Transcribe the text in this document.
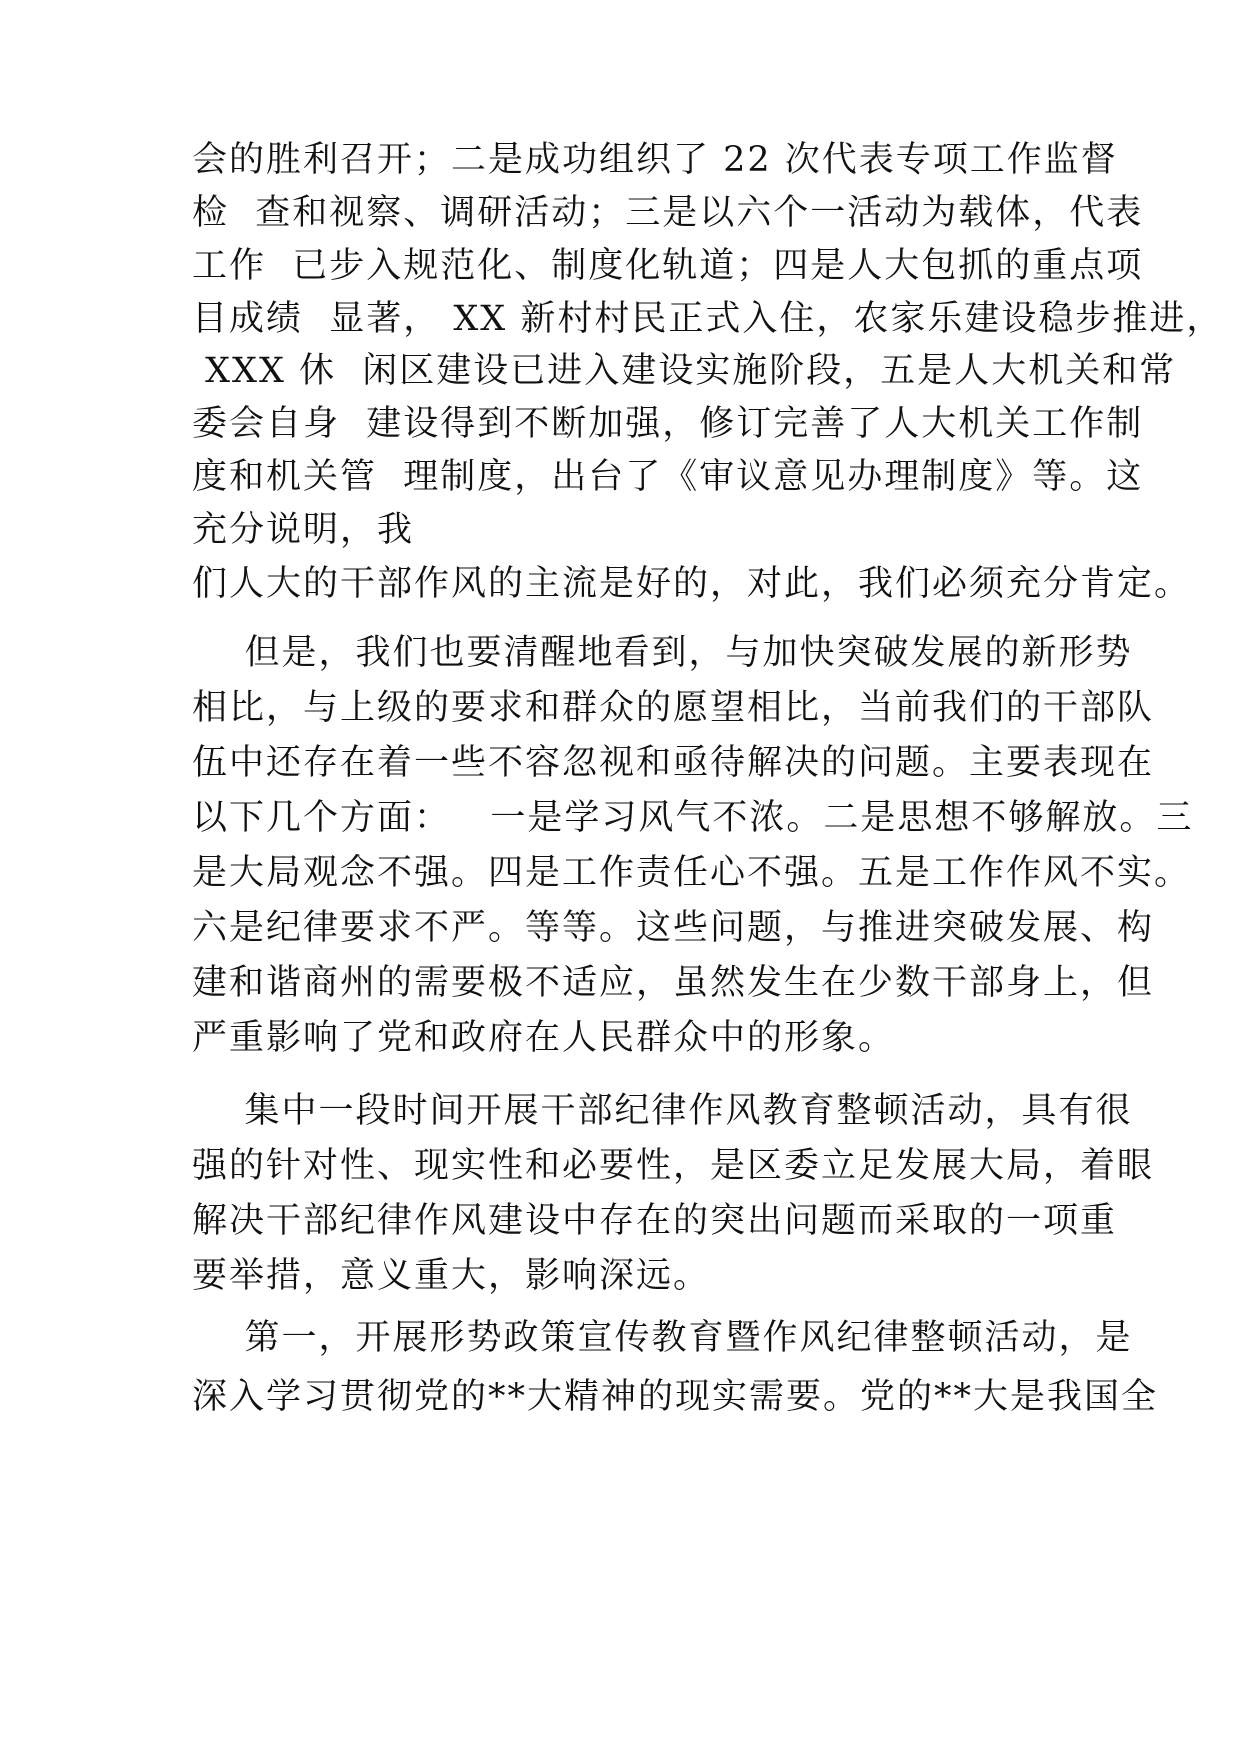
会的胜利召开；二是成功组织了 22 次代表专项工作监督
检  查和视察、调研活动；三是以六个一活动为载体，代表
工作  已步入规范化、制度化轨道；四是人大包抓的重点项
目成绩  显著， XX 新村村民正式入住，农家乐建设稳步推进，
XXX 休  闲区建设已进入建设实施阶段，五是人大机关和常
委会自身  建设得到不断加强，修订完善了人大机关工作制
度和机关管  理制度，出台了《审议意见办理制度》等。这
充分说明，我
们人大的干部作风的主流是好的，对此，我们必须充分肯定。
但是，我们也要清醒地看到，与加快突破发展的新形势
相比，与上级的要求和群众的愿望相比，当前我们的干部队
伍中还存在着一些不容忽视和亟待解决的问题。主要表现在
以下几个方面：   一是学习风气不浓。二是思想不够解放。三
是大局观念不强。四是工作责任心不强。五是工作作风不实。
六是纪律要求不严。等等。这些问题，与推进突破发展、构
建和谐商州的需要极不适应，虽然发生在少数干部身上，但
严重影响了党和政府在人民群众中的形象。
集中一段时间开展干部纪律作风教育整顿活动，具有很
强的针对性、现实性和必要性，是区委立足发展大局，着眼
解决干部纪律作风建设中存在的突出问题而采取的一项重
要举措，意义重大，影响深远。
第一，开展形势政策宣传教育暨作风纪律整顿活动，是
深入学习贯彻党的**大精神的现实需要。党的**大是我国全
